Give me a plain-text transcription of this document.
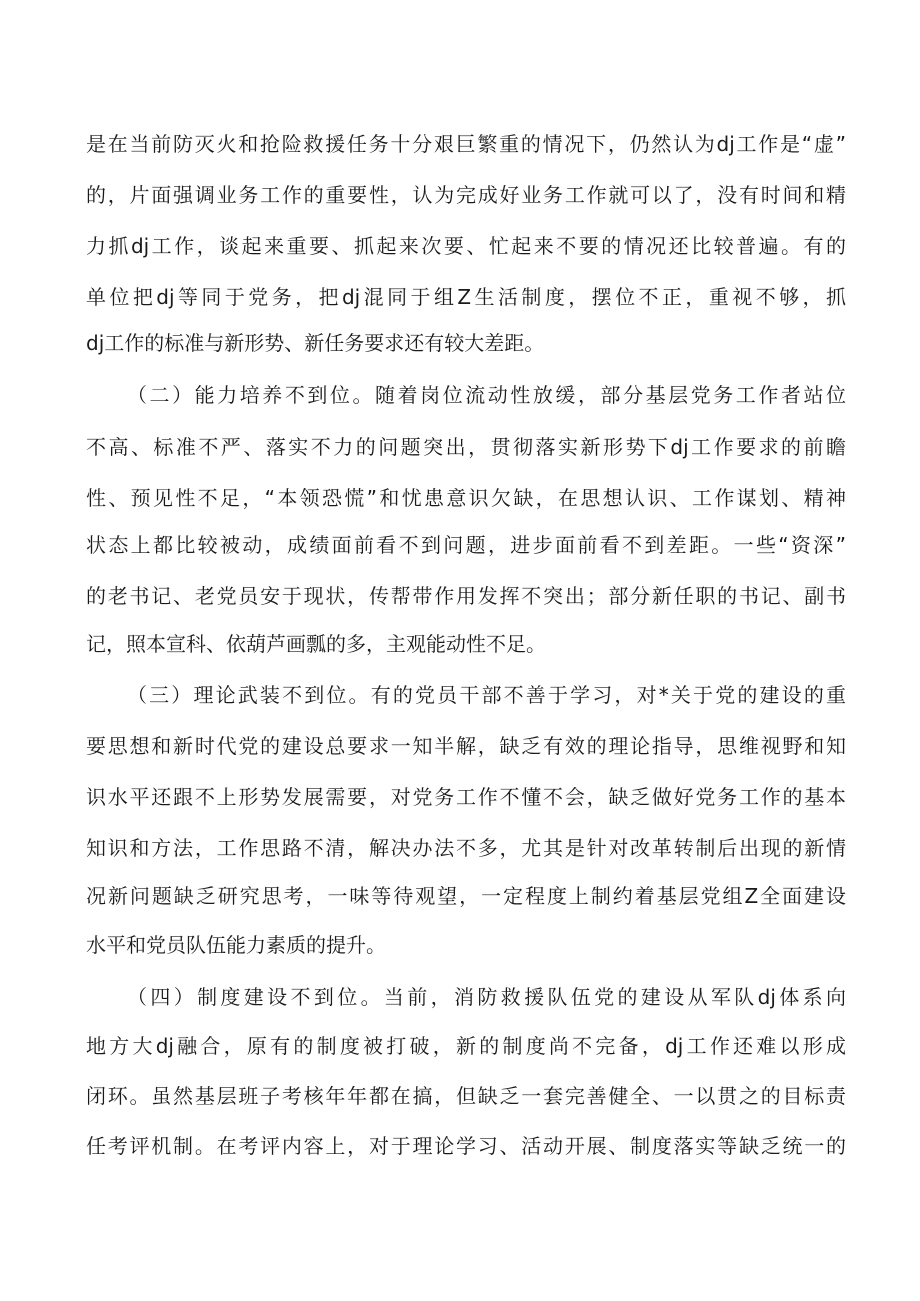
是在当前防灭火和抢险救援任务十分艰巨繁重的情况下，仍然认为dj工作是“虚”
的，片面强调业务工作的重要性，认为完成好业务工作就可以了，没有时间和精
力抓dj工作，谈起来重要、抓起来次要、忙起来不要的情况还比较普遍。有的
单位把dj等同于党务，把dj混同于组Z生活制度，摆位不正，重视不够，抓
dj工作的标准与新形势、新任务要求还有较大差距。
（二）能力培养不到位。随着岗位流动性放缓，部分基层党务工作者站位
不高、标准不严、落实不力的问题突出，贯彻落实新形势下dj工作要求的前瞻
性、预见性不足，“本领恐慌”和忧患意识欠缺，在思想认识、工作谋划、精神
状态上都比较被动，成绩面前看不到问题，进步面前看不到差距。一些“资深”
的老书记、老党员安于现状，传帮带作用发挥不突出；部分新任职的书记、副书
记，照本宣科、依葫芦画瓢的多，主观能动性不足。
（三）理论武装不到位。有的党员干部不善于学习，对*关于党的建设的重
要思想和新时代党的建设总要求一知半解，缺乏有效的理论指导，思维视野和知
识水平还跟不上形势发展需要，对党务工作不懂不会，缺乏做好党务工作的基本
知识和方法，工作思路不清，解决办法不多，尤其是针对改革转制后出现的新情
况新问题缺乏研究思考，一味等待观望，一定程度上制约着基层党组Z全面建设
水平和党员队伍能力素质的提升。
（四）制度建设不到位。当前，消防救援队伍党的建设从军队dj体系向
地方大dj融合，原有的制度被打破，新的制度尚不完备，dj工作还难以形成
闭环。虽然基层班子考核年年都在搞，但缺乏一套完善健全、一以贯之的目标责
任考评机制。在考评内容上，对于理论学习、活动开展、制度落实等缺乏统一的
